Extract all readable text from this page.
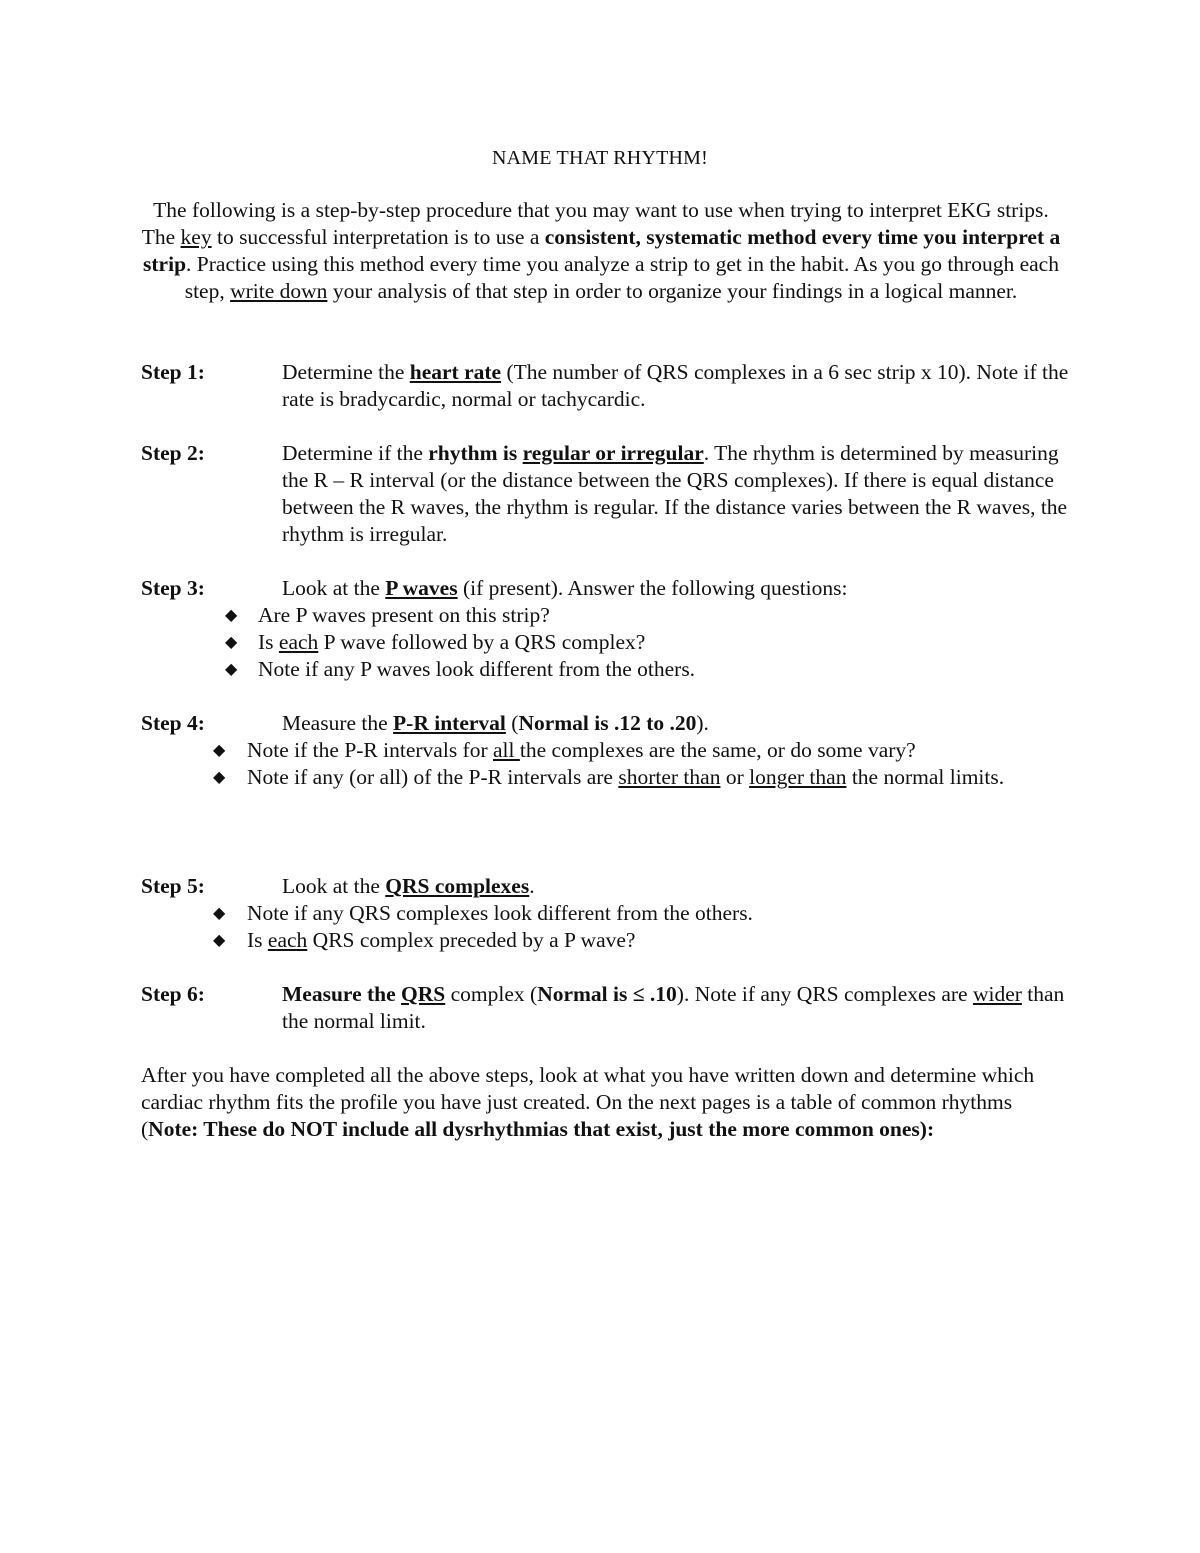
NAME THAT RHYTHM!
The following is a step-by-step procedure that you may want to use when trying to interpret EKG strips. The key to successful interpretation is to use a consistent, systematic method every time you interpret a strip. Practice using this method every time you analyze a strip to get in the habit. As you go through each step, write down your analysis of that step in order to organize your findings in a logical manner.
Step 1:	Determine the heart rate (The number of QRS complexes in a 6 sec strip x 10). Note if the rate is bradycardic, normal or tachycardic.
Step 2:	Determine if the rhythm is regular or irregular. The rhythm is determined by measuring the R – R interval (or the distance between the QRS complexes). If there is equal distance between the R waves, the rhythm is regular. If the distance varies between the R waves, the rhythm is irregular.
Step 3:	Look at the P waves (if present). Answer the following questions:
◆ Are P waves present on this strip?
◆ Is each P wave followed by a QRS complex?
◆ Note if any P waves look different from the others.
Step 4:	Measure the P-R interval (Normal is .12 to .20).
◆ Note if the P-R intervals for all the complexes are the same, or do some vary?
◆ Note if any (or all) of the P-R intervals are shorter than or longer than the normal limits.
Step 5:	Look at the QRS complexes.
◆ Note if any QRS complexes look different from the others.
◆ Is each QRS complex preceded by a P wave?
Step 6:	Measure the QRS complex (Normal is ≤ .10). Note if any QRS complexes are wider than the normal limit.
After you have completed all the above steps, look at what you have written down and determine which cardiac rhythm fits the profile you have just created. On the next pages is a table of common rhythms (Note: These do NOT include all dysrhythmias that exist, just the more common ones):
